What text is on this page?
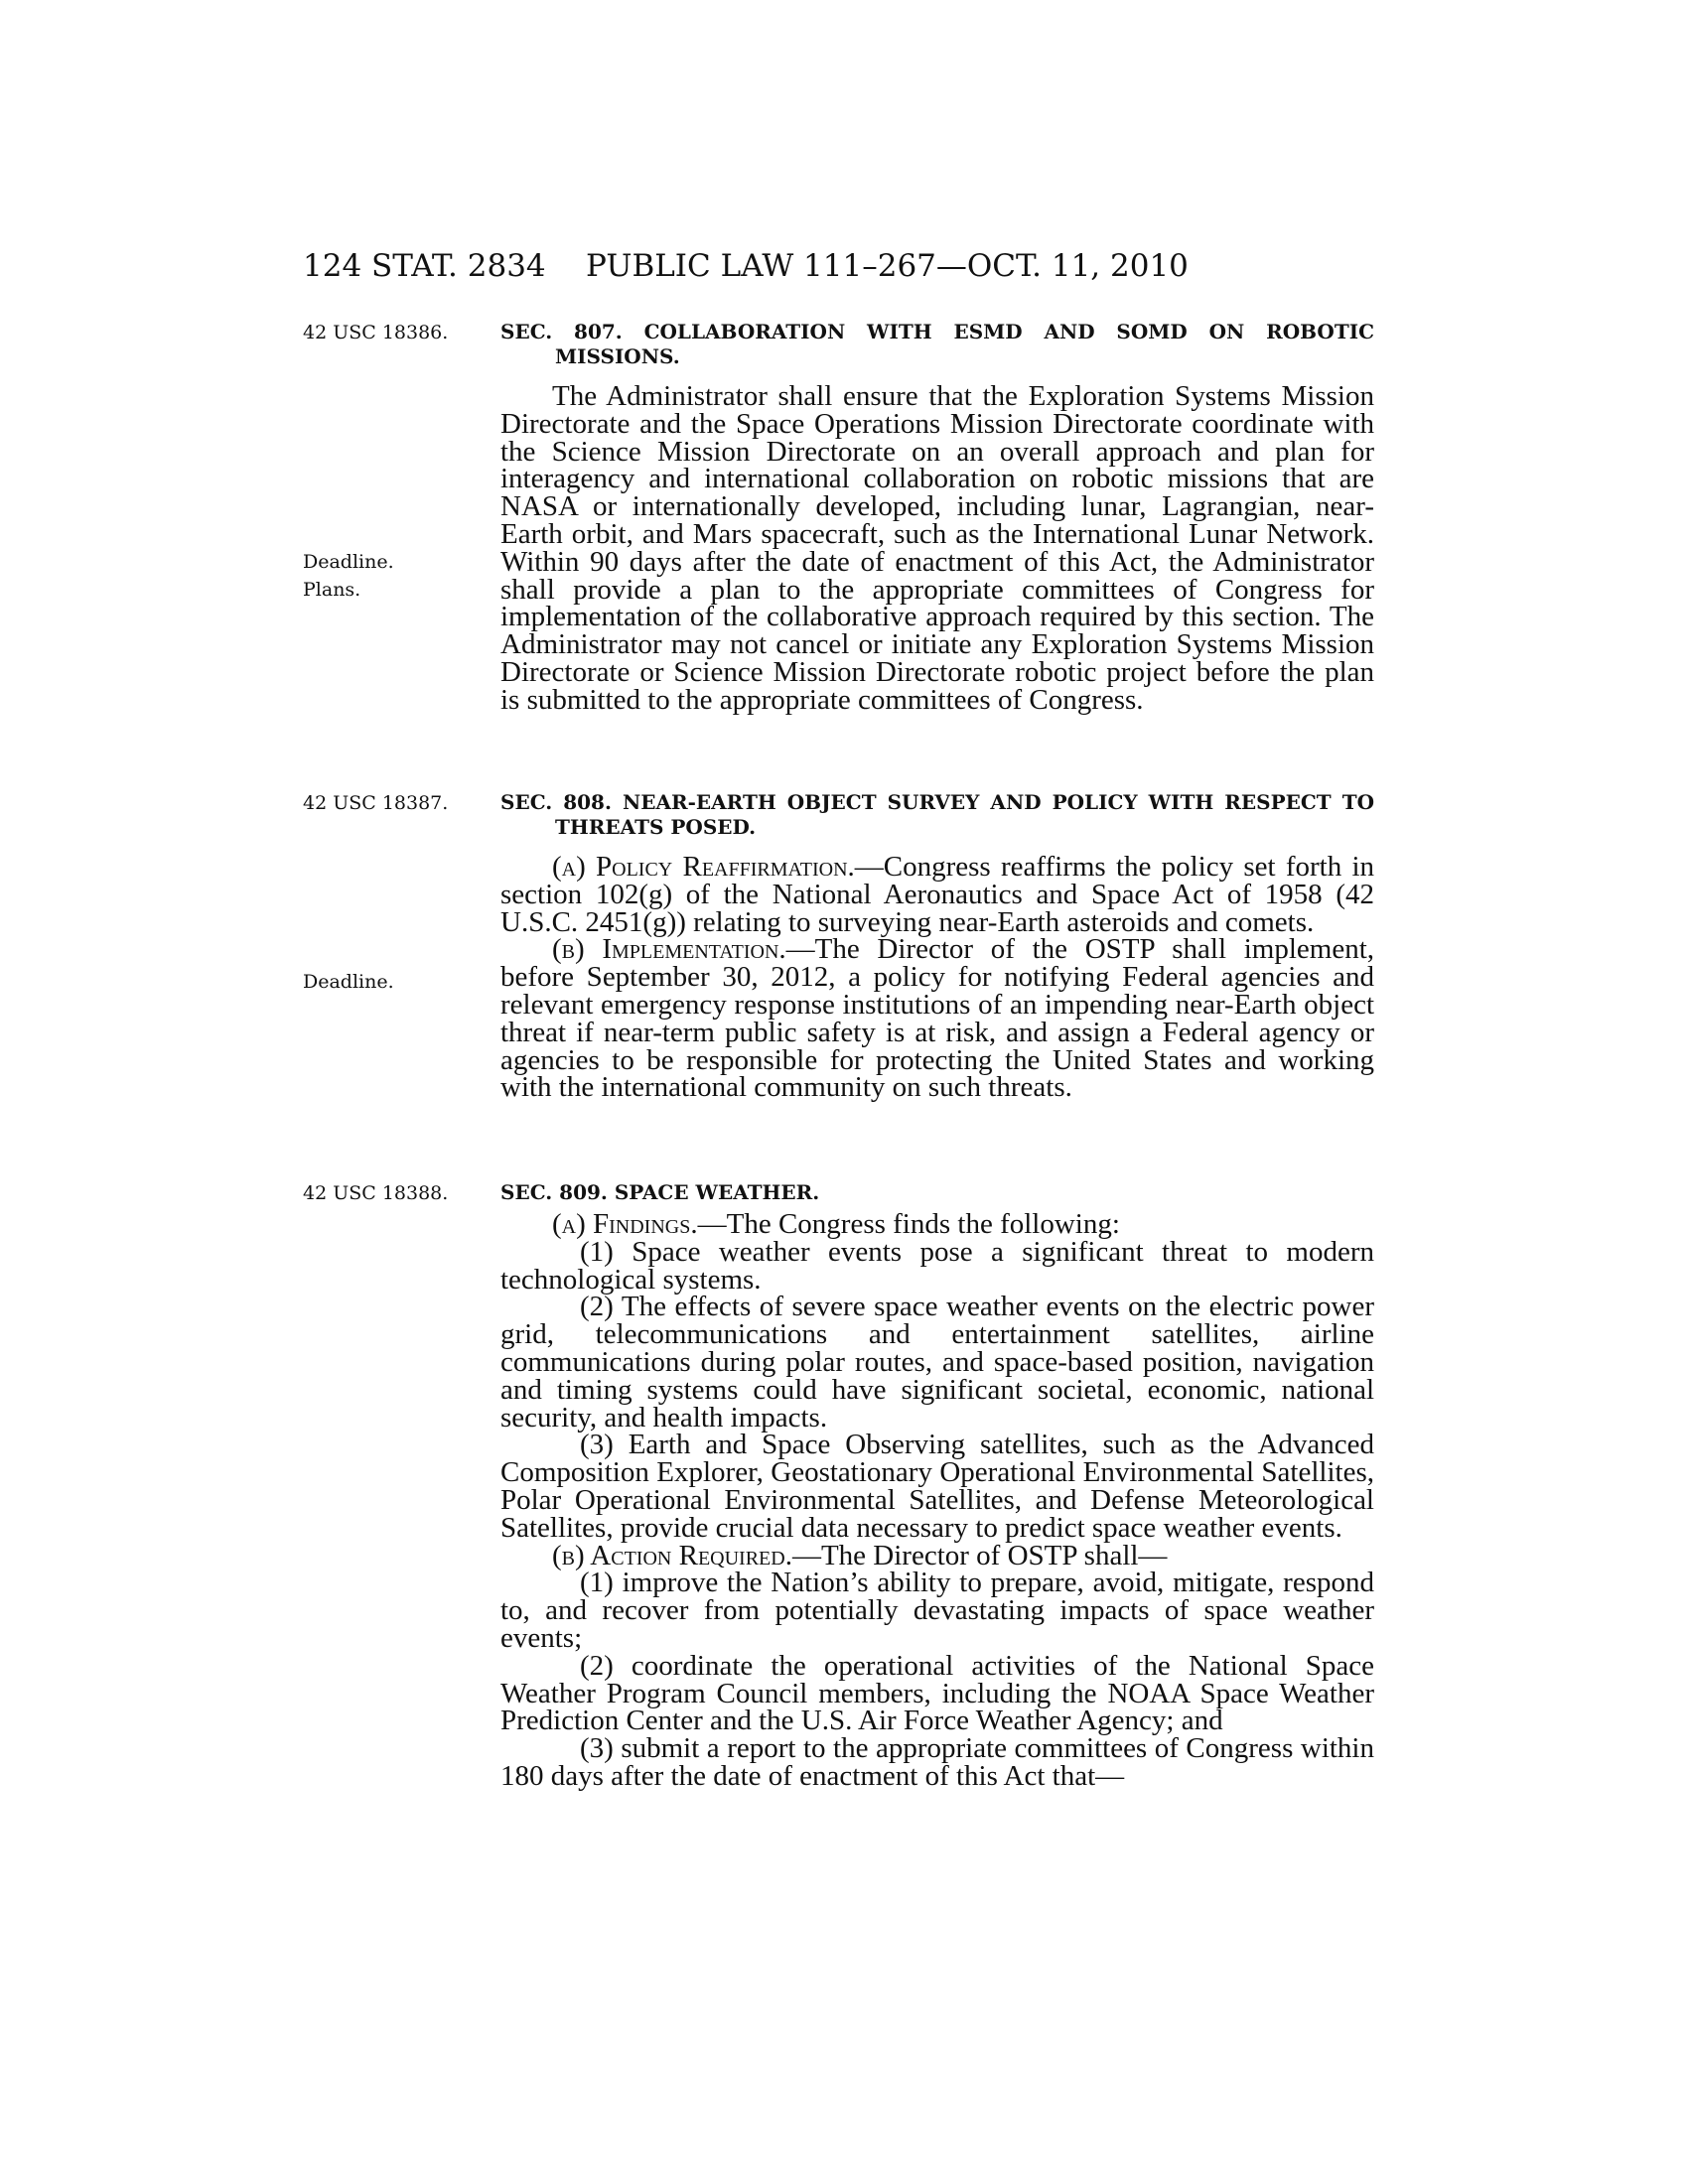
124 STAT. 2834 PUBLIC LAW 111–267—OCT. 11, 2010
42 USC 18386.
Deadline.
Plans.
42 USC 18387.
Deadline.
42 USC 18388.
SEC. 807. COLLABORATION WITH ESMD AND SOMD ON ROBOTIC MISSIONS.

The Administrator shall ensure that the Exploration Systems Mission Directorate and the Space Operations Mission Directorate coordinate with the Science Mission Directorate on an overall approach and plan for interagency and international collaboration on robotic missions that are NASA or internationally developed, including lunar, Lagrangian, near-Earth orbit, and Mars spacecraft, such as the International Lunar Network. Within 90 days after the date of enactment of this Act, the Administrator shall provide a plan to the appropriate committees of Congress for implementation of the collaborative approach required by this section. The Administrator may not cancel or initiate any Exploration Systems Mission Directorate or Science Mission Directorate robotic project before the plan is submitted to the appropriate committees of Congress.

SEC. 808. NEAR-EARTH OBJECT SURVEY AND POLICY WITH RESPECT TO THREATS POSED.

(a) Policy Reaffirmation.—Congress reaffirms the policy set forth in section 102(g) of the National Aeronautics and Space Act of 1958 (42 U.S.C. 2451(g)) relating to surveying near-Earth asteroids and comets.

(b) Implementation.—The Director of the OSTP shall implement, before September 30, 2012, a policy for notifying Federal agencies and relevant emergency response institutions of an impending near-Earth object threat if near-term public safety is at risk, and assign a Federal agency or agencies to be responsible for protecting the United States and working with the international community on such threats.

SEC. 809. SPACE WEATHER.

(a) Findings.—The Congress finds the following:

(1) Space weather events pose a significant threat to modern technological systems.

(2) The effects of severe space weather events on the electric power grid, telecommunications and entertainment satellites, airline communications during polar routes, and space-based position, navigation and timing systems could have significant societal, economic, national security, and health impacts.

(3) Earth and Space Observing satellites, such as the Advanced Composition Explorer, Geostationary Operational Environmental Satellites, Polar Operational Environmental Satellites, and Defense Meteorological Satellites, provide crucial data necessary to predict space weather events.

(b) Action Required.—The Director of OSTP shall—

(1) improve the Nation’s ability to prepare, avoid, mitigate, respond to, and recover from potentially devastating impacts of space weather events;

(2) coordinate the operational activities of the National Space Weather Program Council members, including the NOAA Space Weather Prediction Center and the U.S. Air Force Weather Agency; and

(3) submit a report to the appropriate committees of Congress within 180 days after the date of enactment of this Act that—
